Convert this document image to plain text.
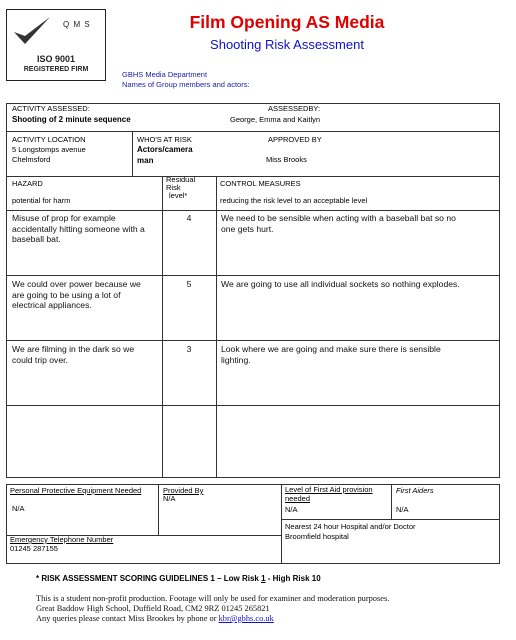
Q M S
ISO 9001
REGISTERED FIRM
Film Opening AS Media
Shooting Risk Assessment
GBHS Media Department
Names of Group members and actors:
ACTIVITY ASSESSED:
Shooting of 2 minute sequence
ASSESSEDBY:
George, Emma and Kaitlyn
ACTIVITY LOCATION
5 Longstomps avenue
Chelmsford
WHO'S AT RISK
Actors/camera
man
APPROVED BY
Miss Brooks
HAZARD
potential for harm
Residual
Risk
level*
CONTROL MEASURES
reducing the risk level to an acceptable level
Misuse of prop for example
accidentally hitting someone with a
baseball bat.
4	We need to be sensible when acting with a baseball bat so no
one gets hurt.
We could over power because we
are going to be using a lot of
electrical appliances.
5	We are going to use all individual sockets so nothing explodes.
We are filming in the dark so we
could trip over.
3	Look where we are going and make sure there is sensible
lighting.
Personal Protective Equipment Needed
N/A
Provided By
N/A
Level of First Aid provision
needed
N/A
First Aiders
N/A
Nearest 24 hour Hospital and/or Doctor
Broomfield hospital
Emergency Telephone Number
01245 287155
* RISK ASSESSMENT SCORING GUIDELINES 1 – Low Risk 1 - High Risk 10
This is a student non-profit production. Footage will only be used for examiner and moderation purposes.
Great Baddow High School, Duffield Road, CM2 9RZ 01245 265821
Any queries please contact Miss Brookes by phone or kbr@gbhs.co.uk
